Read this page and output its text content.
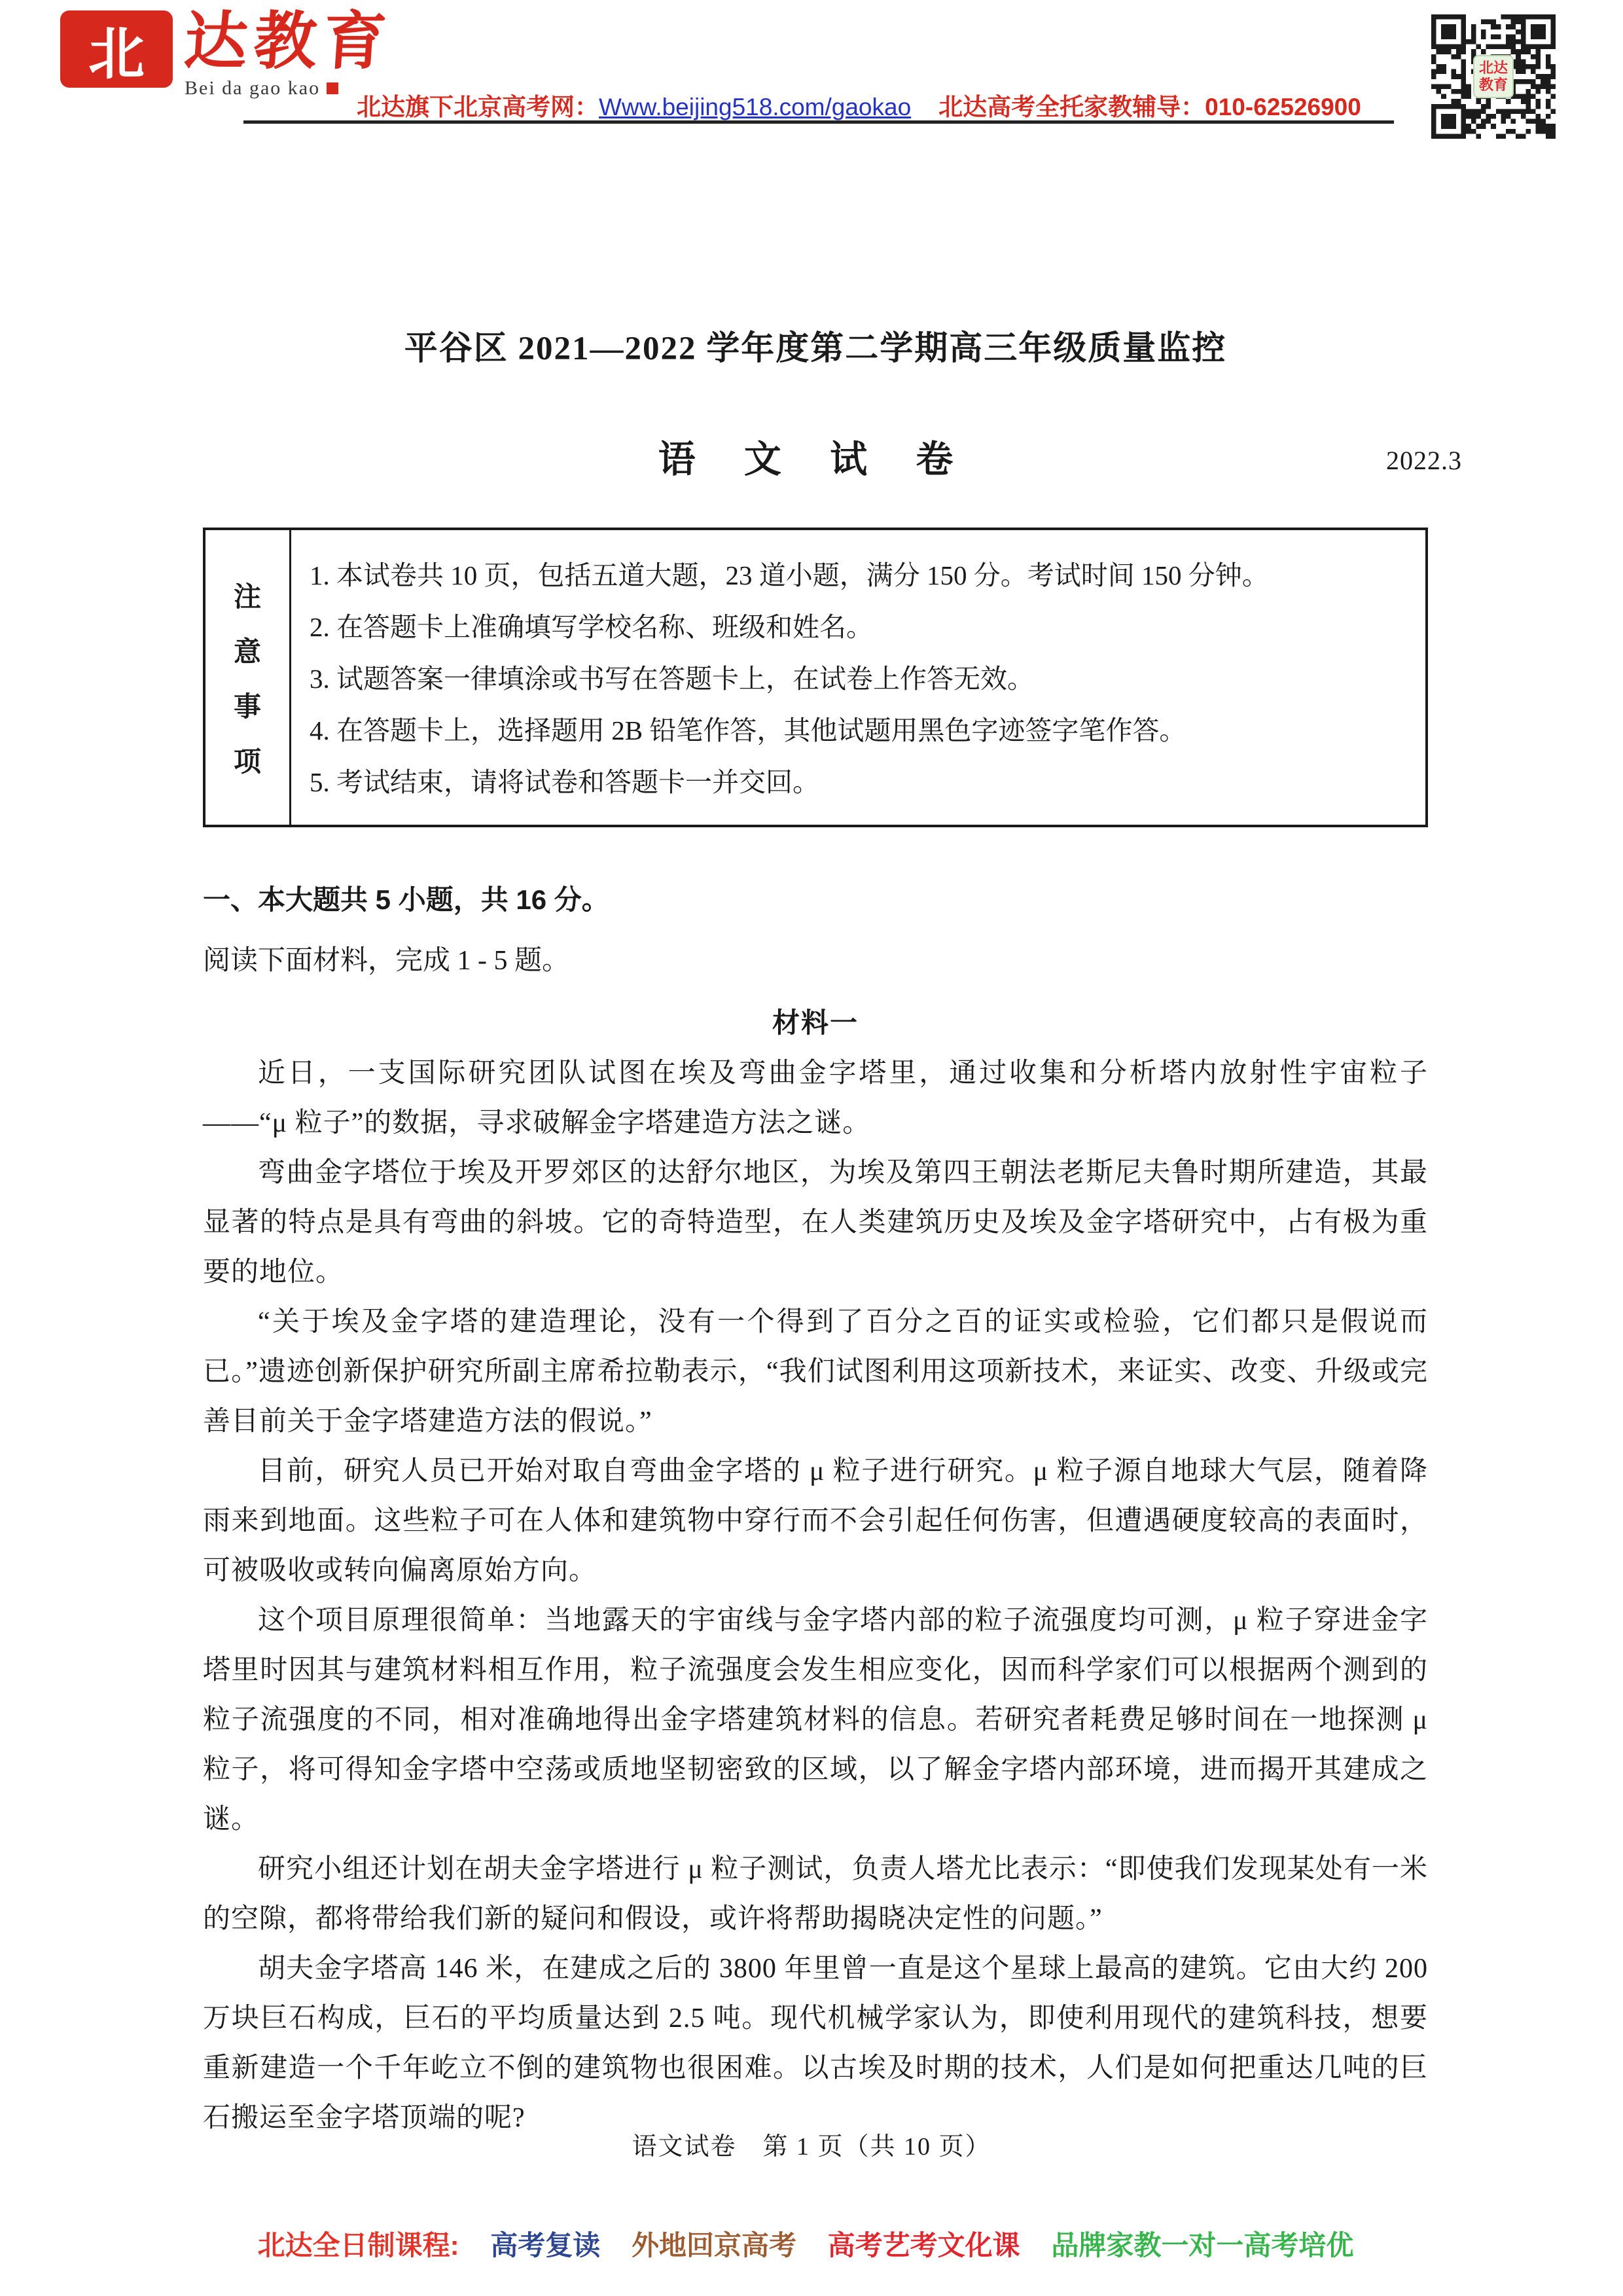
北 达教育
Bei da gao kao
北达旗下北京高考网：Www.beijing518.com/gaokao 北达高考全托家教辅导：010-62526900
北达
教育
平谷区 2021—2022 学年度第二学期高三年级质量监控
语 文 试 卷	2022.3
注
意
事
项
1. 本试卷共 10 页，包括五道大题，23 道小题，满分 150 分。考试时间 150 分钟。
2. 在答题卡上准确填写学校名称、班级和姓名。
3. 试题答案一律填涂或书写在答题卡上，在试卷上作答无效。
4. 在答题卡上，选择题用 2B 铅笔作答，其他试题用黑色字迹签字笔作答。
5. 考试结束，请将试卷和答题卡一并交回。
一、本大题共 5 小题，共 16 分。
阅读下面材料，完成 1 - 5 题。
材料一

近日，一支国际研究团队试图在埃及弯曲金字塔里，通过收集和分析塔内放射性宇宙粒子——“μ 粒子”的数据，寻求破解金字塔建造方法之谜。

弯曲金字塔位于埃及开罗郊区的达舒尔地区，为埃及第四王朝法老斯尼夫鲁时期所建造，其最显著的特点是具有弯曲的斜坡。它的奇特造型，在人类建筑历史及埃及金字塔研究中，占有极为重要的地位。

“关于埃及金字塔的建造理论，没有一个得到了百分之百的证实或检验，它们都只是假说而已。”遗迹创新保护研究所副主席希拉勒表示，“我们试图利用这项新技术，来证实、改变、升级或完善目前关于金字塔建造方法的假说。”

目前，研究人员已开始对取自弯曲金字塔的 μ 粒子进行研究。μ 粒子源自地球大气层，随着降雨来到地面。这些粒子可在人体和建筑物中穿行而不会引起任何伤害，但遭遇硬度较高的表面时，可被吸收或转向偏离原始方向。

这个项目原理很简单：当地露天的宇宙线与金字塔内部的粒子流强度均可测，μ 粒子穿进金字塔里时因其与建筑材料相互作用，粒子流强度会发生相应变化，因而科学家们可以根据两个测到的粒子流强度的不同，相对准确地得出金字塔建筑材料的信息。若研究者耗费足够时间在一地探测 μ 粒子，将可得知金字塔中空荡或质地坚韧密致的区域，以了解金字塔内部环境，进而揭开其建成之谜。

研究小组还计划在胡夫金字塔进行 μ 粒子测试，负责人塔尤比表示：“即使我们发现某处有一米的空隙，都将带给我们新的疑问和假设，或许将帮助揭晓决定性的问题。”

胡夫金字塔高 146 米，在建成之后的 3800 年里曾一直是这个星球上最高的建筑。它由大约 200 万块巨石构成，巨石的平均质量达到 2.5 吨。现代机械学家认为，即使利用现代的建筑科技，想要重新建造一个千年屹立不倒的建筑物也很困难。以古埃及时期的技术，人们是如何把重达几吨的巨石搬运至金字塔顶端的呢?

语文试卷　第 1 页（共 10 页）
北达全日制课程: 高考复读 外地回京高考 高考艺考文化课 品牌家教一对一高考培优
